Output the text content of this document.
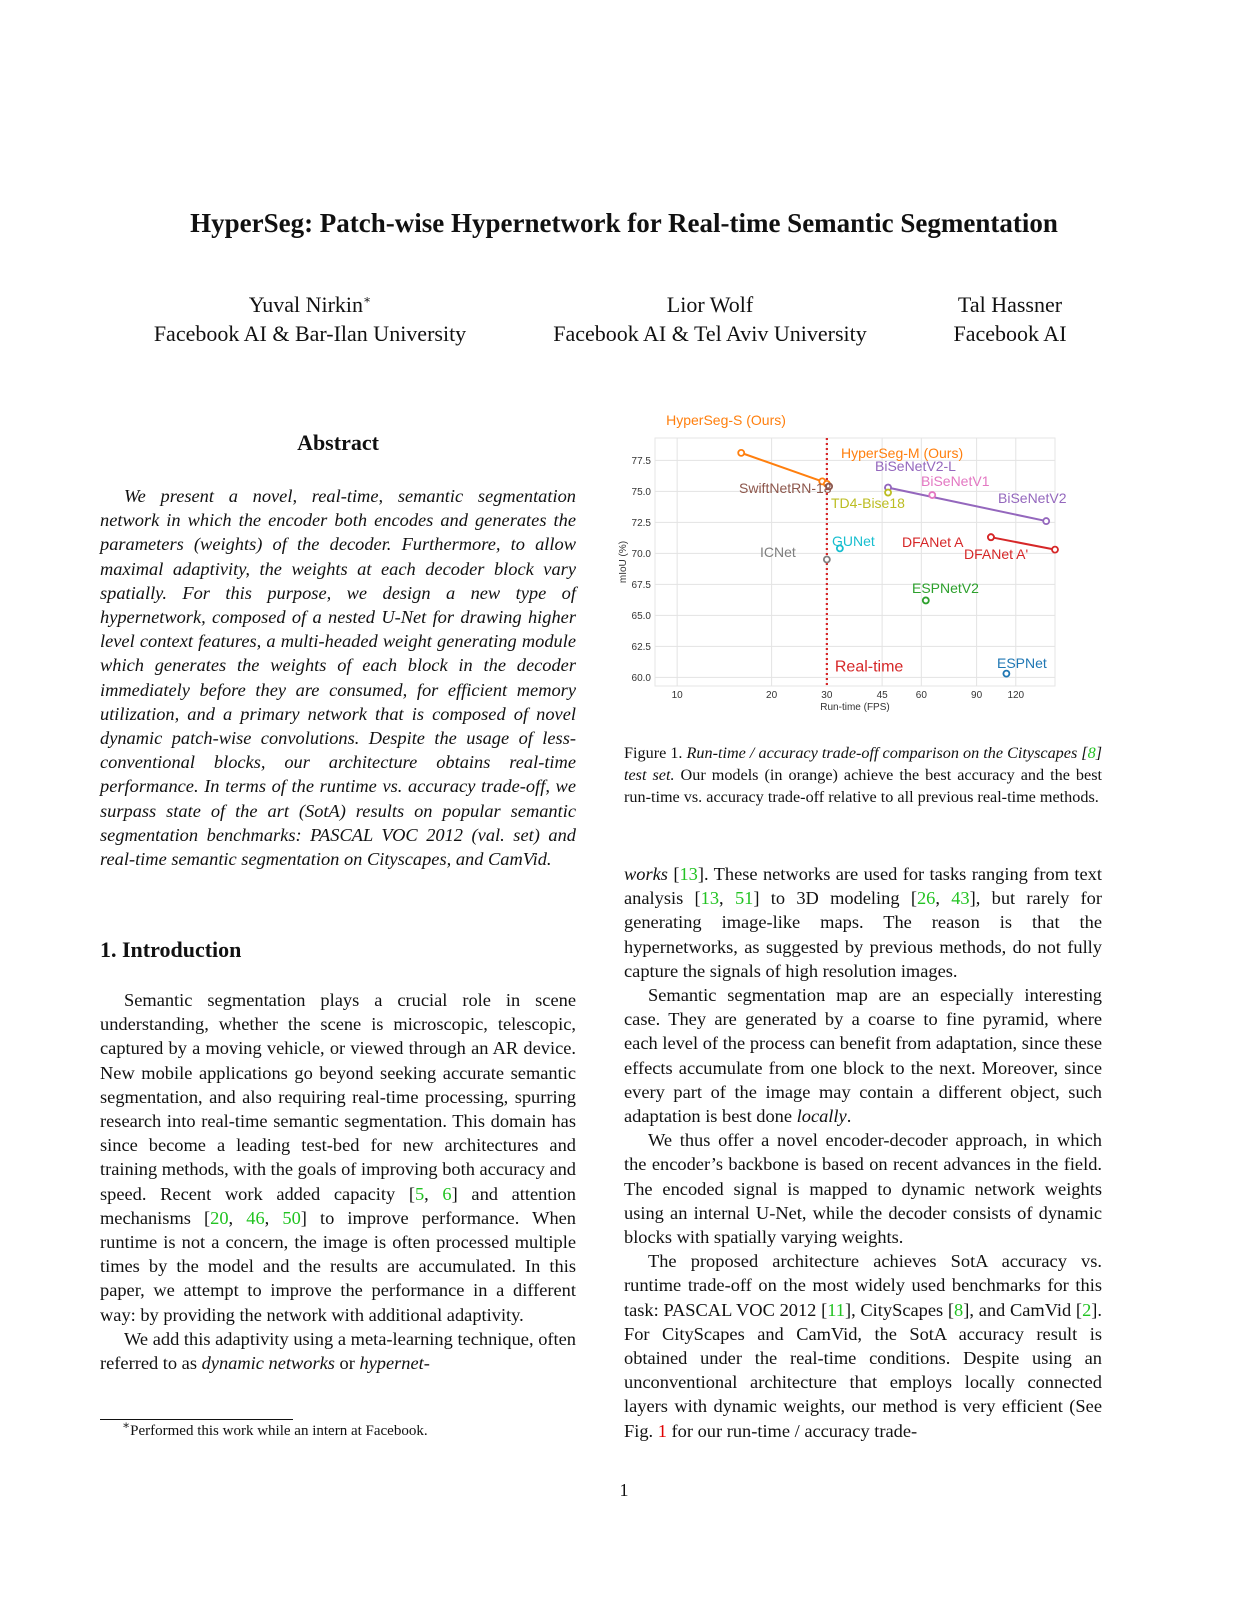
HyperSeg: Patch-wise Hypernetwork for Real-time Semantic Segmentation
Yuval Nirkin∗
Facebook AI & Bar-Ilan University
Lior Wolf
Facebook AI & Tel Aviv University
Tal Hassner
Facebook AI
Abstract

We present a novel, real-time, semantic segmentation network in which the encoder both encodes and generates the parameters (weights) of the decoder. Furthermore, to allow maximal adaptivity, the weights at each decoder block vary spatially. For this purpose, we design a new type of hypernetwork, composed of a nested U-Net for drawing higher level context features, a multi-headed weight generating module which generates the weights of each block in the decoder immediately before they are consumed, for efficient memory utilization, and a primary network that is composed of novel dynamic patch-wise convolutions. Despite the usage of less-conventional blocks, our architecture obtains real-time performance. In terms of the runtime vs. accuracy trade-off, we surpass state of the art (SotA) results on popular semantic segmentation benchmarks: PASCAL VOC 2012 (val. set) and real-time semantic segmentation on Cityscapes, and CamVid.

1. Introduction

Semantic segmentation plays a crucial role in scene understanding, whether the scene is microscopic, telescopic, captured by a moving vehicle, or viewed through an AR device. New mobile applications go beyond seeking accurate semantic segmentation, and also requiring real-time processing, spurring research into real-time semantic segmentation. This domain has since become a leading test-bed for new architectures and training methods, with the goals of improving both accuracy and speed. Recent work added capacity [5, 6] and attention mechanisms [20, 46, 50] to improve performance. When runtime is not a concern, the image is often processed multiple times by the model and the results are accumulated. In this paper, we attempt to improve the performance in a different way: by providing the network with additional adaptivity.

We add this adaptivity using a meta-learning technique, often referred to as dynamic networks or hypernet-

∗Performed this work while an intern at Facebook.
60.0
62.5
65.0
67.5
70.0
72.5
75.0
77.5
10	20	30	45	60	90	120
Run-time (FPS)
mIoU (%)
Real-time
HyperSeg-S (Ours)
HyperSeg-M (Ours)
SwiftNetRN-18
BiSeNetV2-L
BiSeNetV2
BiSeNetV1
TD4-Bise18
GUNet
ICNet
DFANet A
DFANet A'
ESPNetV2
ESPNet
Figure 1. Run-time / accuracy trade-off comparison on the Cityscapes [8] test set. Our models (in orange) achieve the best accuracy and the best run-time vs. accuracy trade-off relative to all previous real-time methods.

works [13]. These networks are used for tasks ranging from text analysis [13, 51] to 3D modeling [26, 43], but rarely for generating image-like maps. The reason is that the hypernetworks, as suggested by previous methods, do not fully capture the signals of high resolution images.

Semantic segmentation map are an especially interesting case. They are generated by a coarse to fine pyramid, where each level of the process can benefit from adaptation, since these effects accumulate from one block to the next. Moreover, since every part of the image may contain a different object, such adaptation is best done locally.

We thus offer a novel encoder-decoder approach, in which the encoder’s backbone is based on recent advances in the field. The encoded signal is mapped to dynamic network weights using an internal U-Net, while the decoder consists of dynamic blocks with spatially varying weights.

The proposed architecture achieves SotA accuracy vs. runtime trade-off on the most widely used benchmarks for this task: PASCAL VOC 2012 [11], CityScapes [8], and CamVid [2]. For CityScapes and CamVid, the SotA accuracy result is obtained under the real-time conditions. Despite using an unconventional architecture that employs locally connected layers with dynamic weights, our method is very efficient (See Fig. 1 for our run-time / accuracy trade-

1
